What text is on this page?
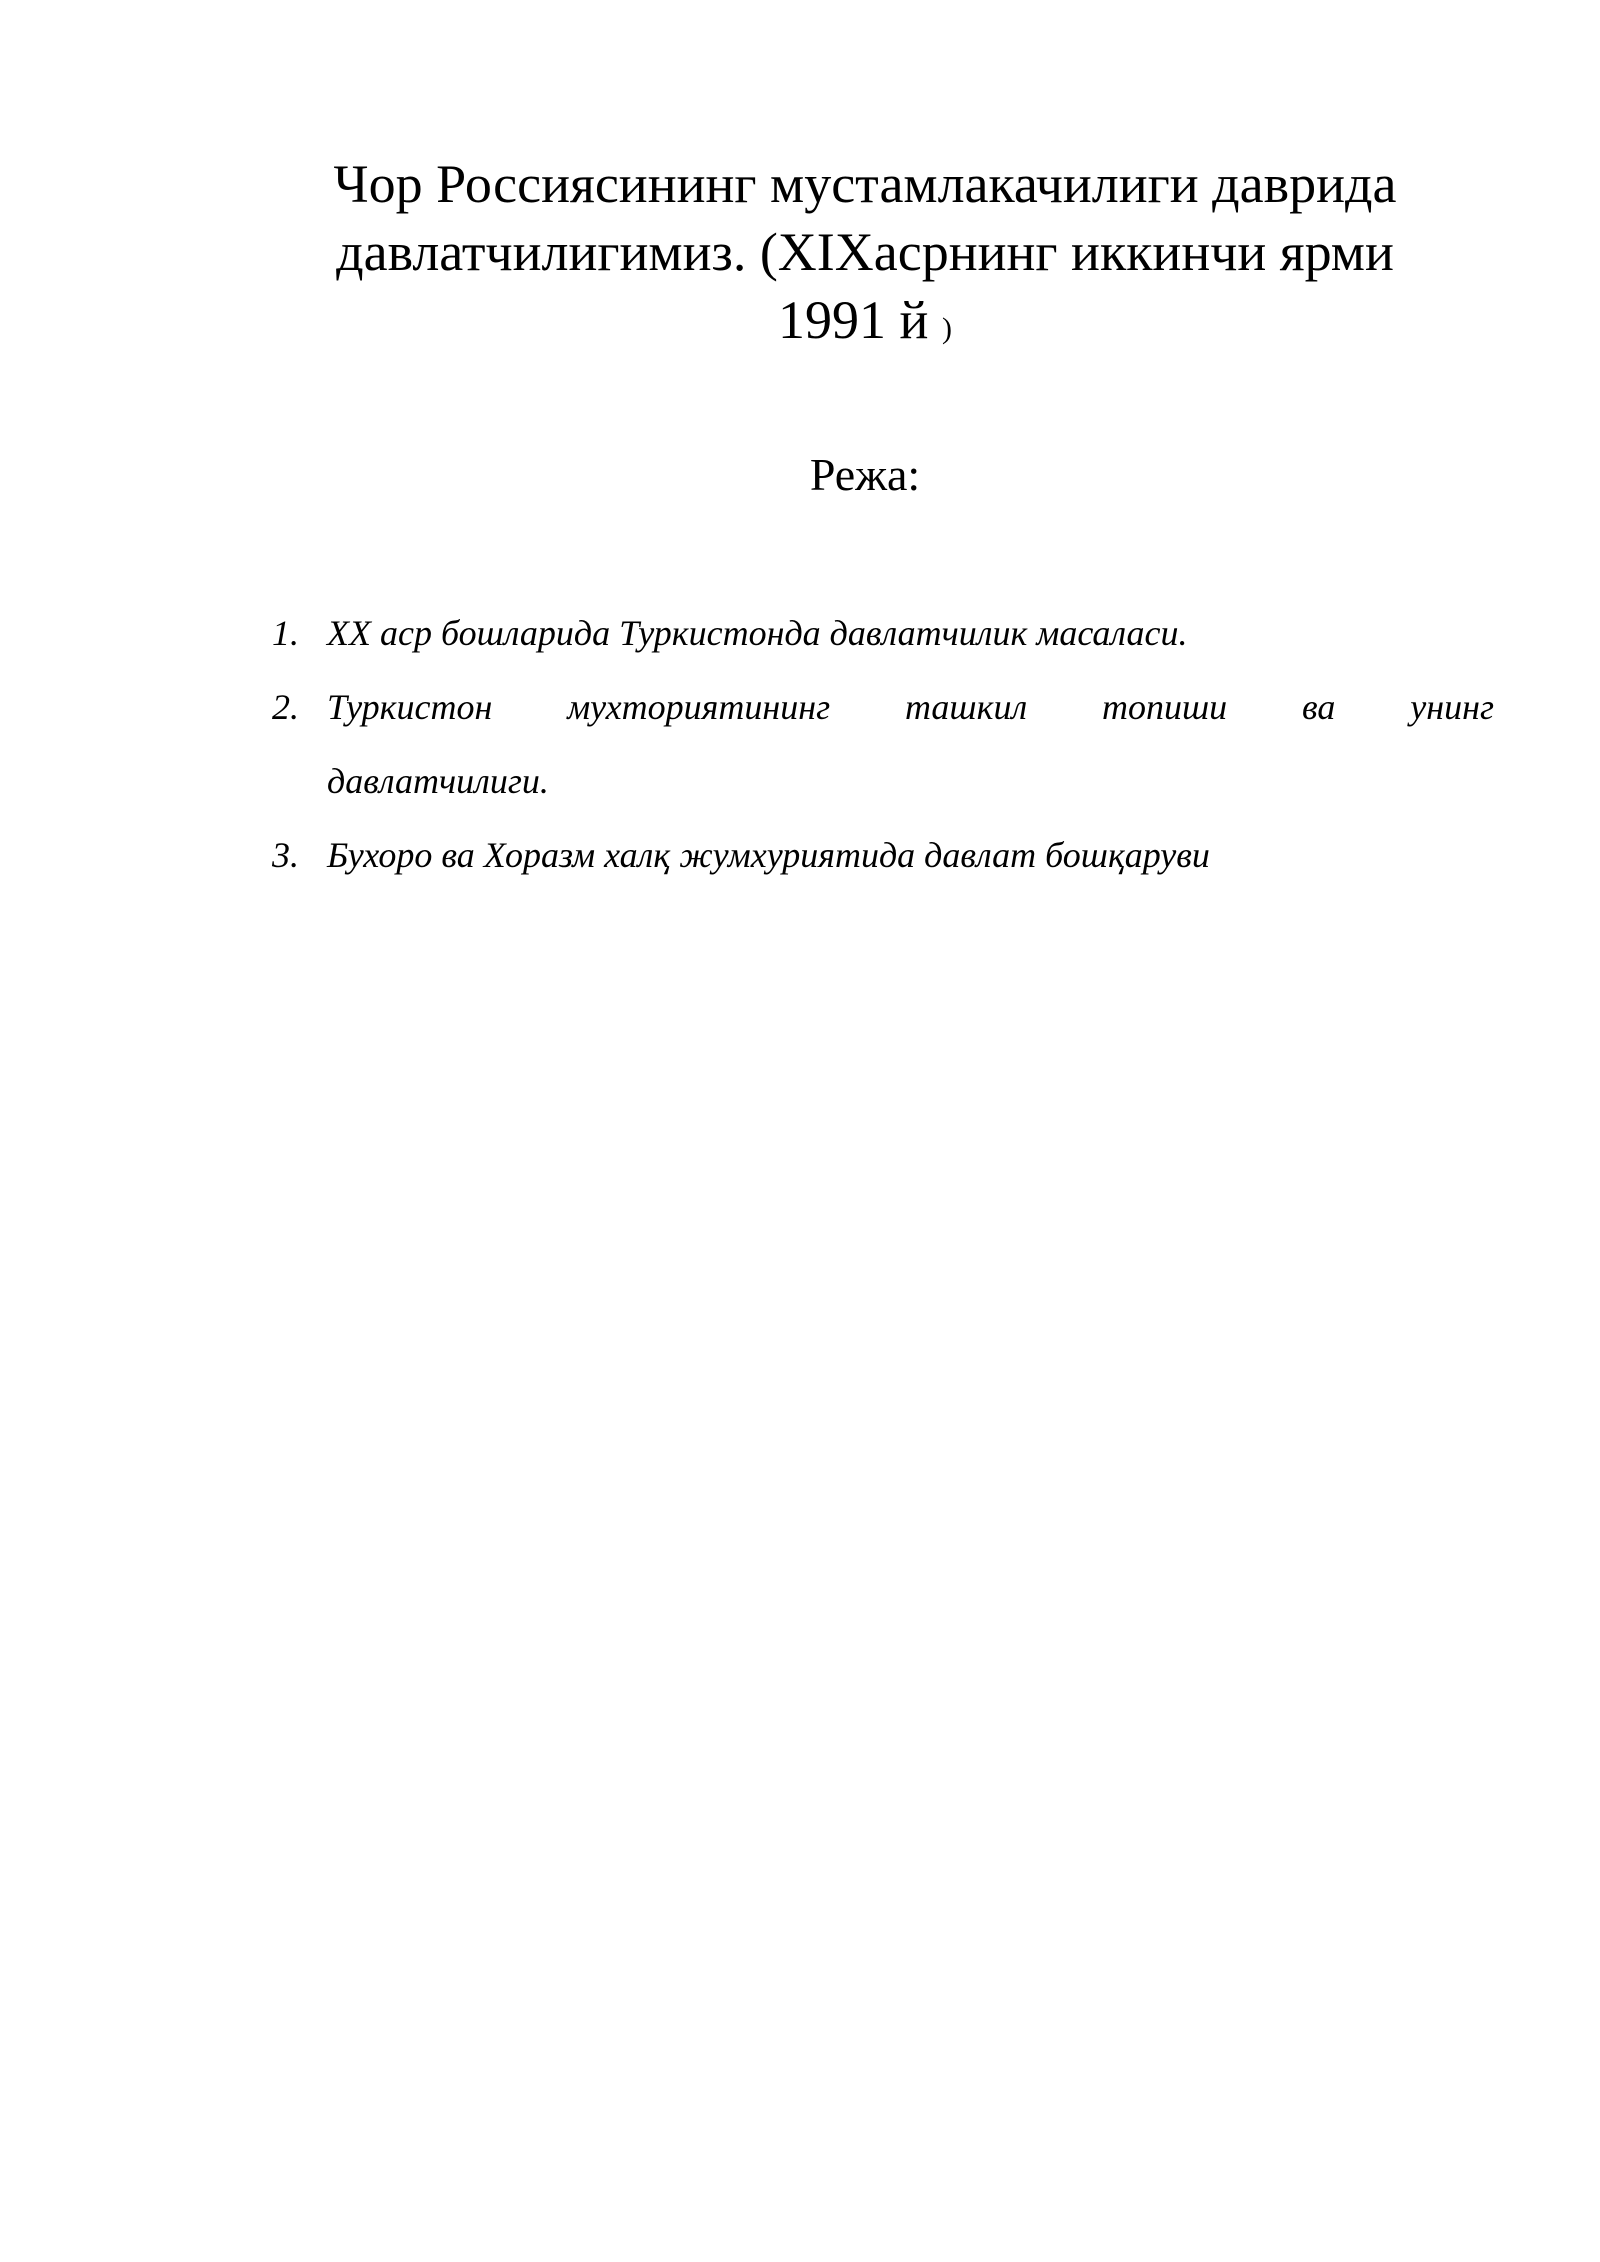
Чор Россиясининг мустамлакачилиги даврида
давлатчилигимиз. (XIXасрнинг иккинчи ярми
1991 й )
Режа:
1. XX аср бошларида Туркистонда давлатчилик масаласи.
2. Туркистон мухториятининг ташкил топиши ва унинг
давлатчилиги.
3. Бухоро ва Хоразм халқ жумхуриятида давлат бошқаруви
